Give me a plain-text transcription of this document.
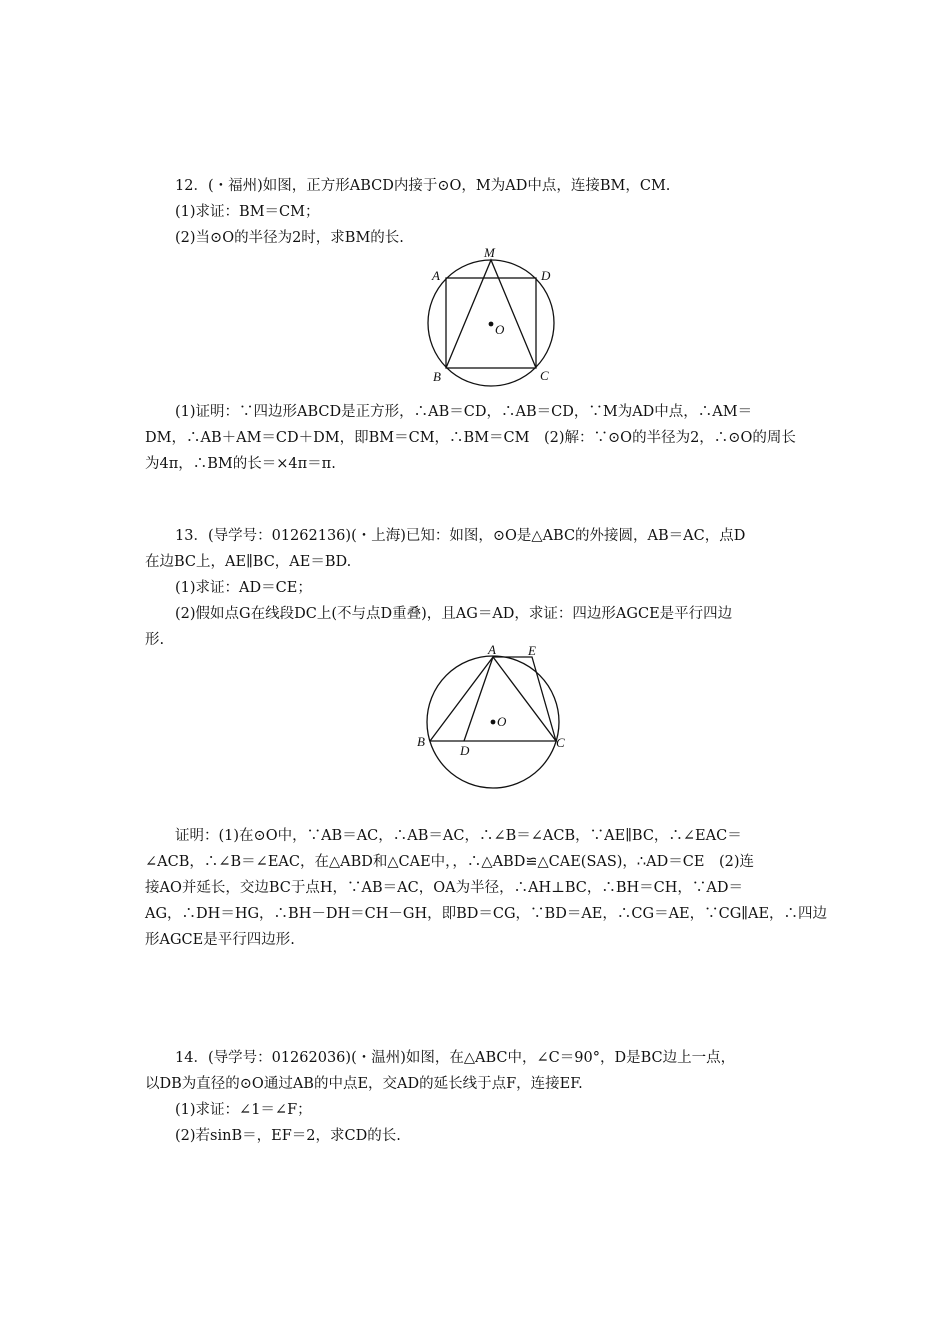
12．(・福州)如图，正方形ABCD内接于⊙O，M为AD中点，连接BM，CM.
(1)求证：BM＝CM；
(2)当⊙O的半径为2时，求BM的长.
M
A	D
O
B	C
(1)证明：∵四边形ABCD是正方形，∴AB＝CD，∴AB＝CD，∵M为AD中点，∴AM＝
DM，∴AB＋AM＝CD＋DM，即BM＝CM，∴BM＝CM　(2)解：∵⊙O的半径为2，∴⊙O的周长
为4π，∴BM的长＝×4π＝π.
13．(导学号：01262136)(・上海)已知：如图，⊙O是△ABC的外接圆，AB＝AC，点D
在边BC上，AE∥BC，AE＝BD.
(1)求证：AD＝CE；
(2)假如点G在线段DC上(不与点D重叠)，且AG＝AD，求证：四边形AGCE是平行四边
形.
A E
O
B
D
C
证明：(1)在⊙O中，∵AB＝AC，∴AB＝AC，∴∠B＝∠ACB，∵AE∥BC，∴∠EAC＝
∠ACB，∴∠B＝∠EAC，在△ABD和△CAE中，，∴△ABD≌△CAE(SAS)，∴AD＝CE　(2)连
接AO并延长，交边BC于点H，∵AB＝AC，OA为半径，∴AH⊥BC，∴BH＝CH，∵AD＝
AG，∴DH＝HG，∴BH－DH＝CH－GH，即BD＝CG，∵BD＝AE，∴CG＝AE，∵CG∥AE，∴四边
形AGCE是平行四边形.
14．(导学号：01262036)(・温州)如图，在△ABC中，∠C＝90°，D是BC边上一点，
以DB为直径的⊙O通过AB的中点E，交AD的延长线于点F，连接EF.
(1)求证：∠1＝∠F；
(2)若sinB＝，EF＝2，求CD的长.
